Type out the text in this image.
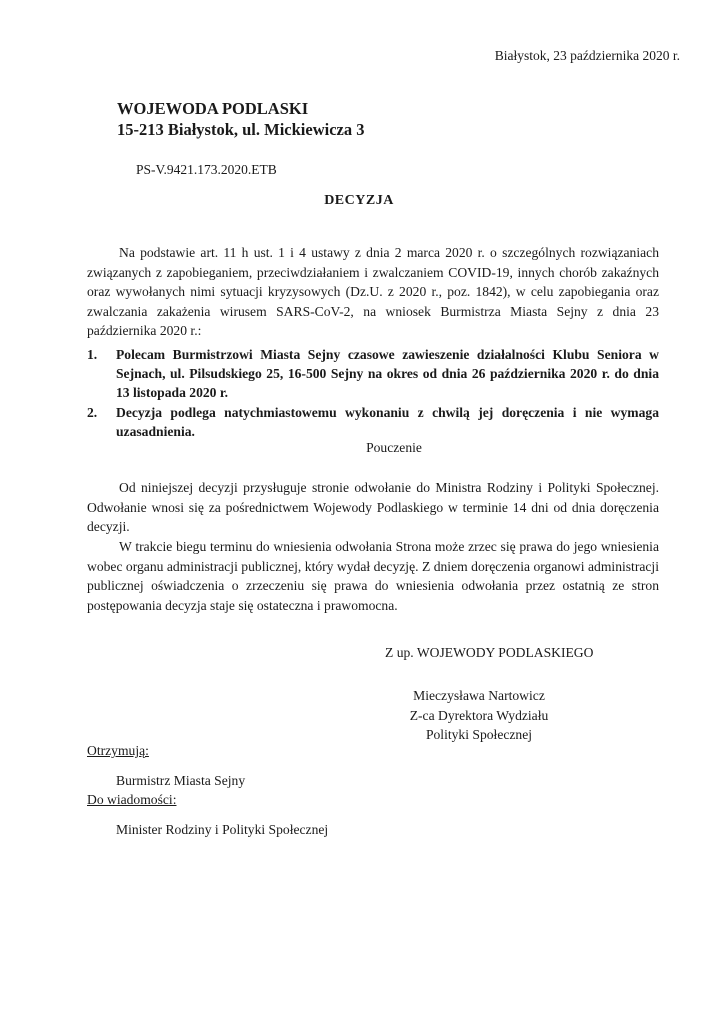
Białystok, 23 października 2020 r.
WOJEWODA PODLASKI
15-213 Białystok, ul. Mickiewicza 3
PS-V.9421.173.2020.ETB
DECYZJA

Na podstawie art. 11 h ust. 1 i 4 ustawy z dnia 2 marca 2020 r. o szczególnych rozwiązaniach związanych z zapobieganiem, przeciwdziałaniem i zwalczaniem COVID-19, innych chorób zakaźnych oraz wywołanych nimi sytuacji kryzysowych (Dz.U. z 2020 r., poz. 1842), w celu zapobiegania oraz zwalczania zakażenia wirusem SARS-CoV-2, na wniosek Burmistrza Miasta Sejny z dnia 23 października 2020 r.:

1.	Polecam Burmistrzowi Miasta Sejny czasowe zawieszenie działalności Klubu Seniora w Sejnach, ul. Pilsudskiego 25, 16-500 Sejny na okres od dnia 26 października 2020 r. do dnia 13 listopada 2020 r.
2.	Decyzja podlega natychmiastowemu wykonaniu z chwilą jej doręczenia i nie wymaga uzasadnienia.
Pouczenie

Od niniejszej decyzji przysługuje stronie odwołanie do Ministra Rodziny i Polityki Społecznej. Odwołanie wnosi się za pośrednictwem Wojewody Podlaskiego w terminie 14 dni od dnia doręczenia decyzji.

W trakcie biegu terminu do wniesienia odwołania Strona może zrzec się prawa do jego wniesienia wobec organu administracji publicznej, który wydał decyzję. Z dniem doręczenia organowi administracji publicznej oświadczenia o zrzeczeniu się prawa do wniesienia odwołania przez ostatnią ze stron postępowania decyzja staje się ostateczna i prawomocna.

Z up. WOJEWODY PODLASKIEGO
Mieczysława Nartowicz
Z-ca Dyrektora Wydziału
Polityki Społecznej
Otrzymują:
Burmistrz Miasta Sejny
Do wiadomości:
Minister Rodziny i Polityki Społecznej
